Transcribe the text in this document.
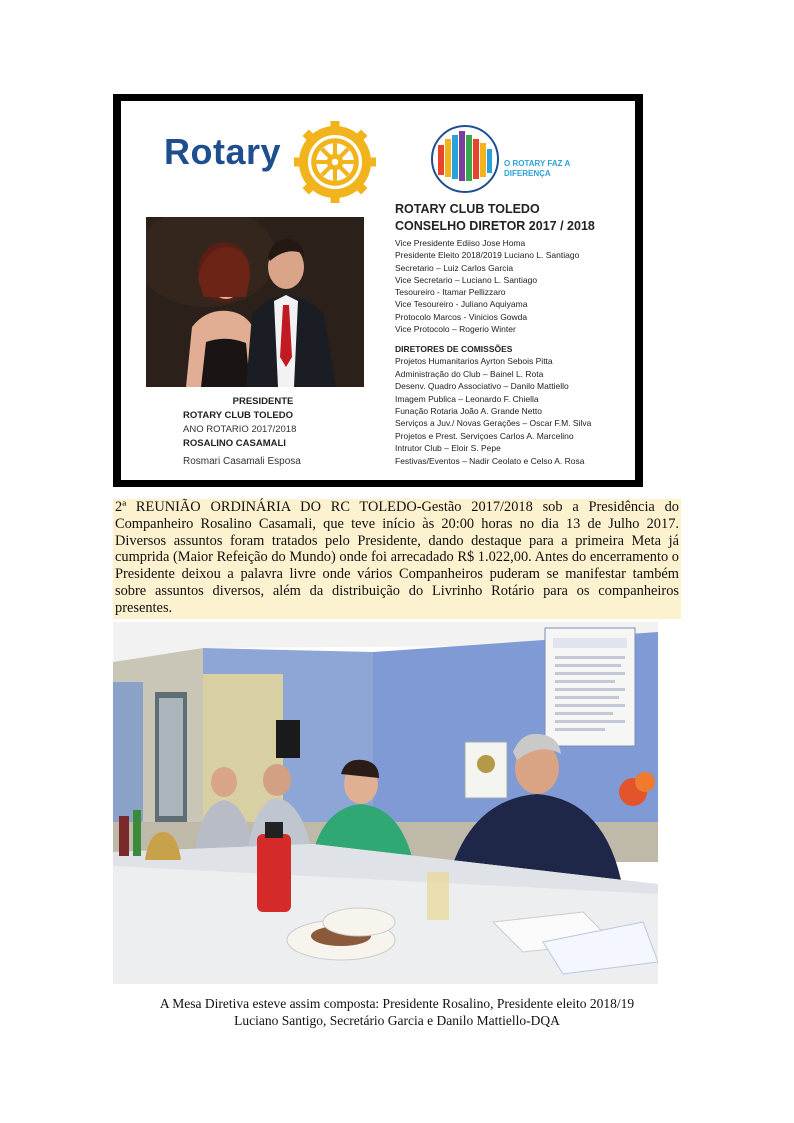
Rotary	O ROTARY FAZ A DIFERENÇA
PRESIDENTE
ROTARY CLUB TOLEDO
ANO ROTARIO 2017/2018
ROSALINO CASAMALI
Rosmari Casamali Esposa
ROTARY CLUB TOLEDO
CONSELHO DIRETOR 2017 / 2018
Vice Presidente Ediiso Jose Homa
Presidente Eleito 2018/2019 Luciano L. Santiago
Secretario – Luiz Carlos Garcia
Vice Secretario – Luciano L. Santiago
Tesoureiro - Itamar Pellizzaro
Vice Tesoureiro - Juliano Aquiyama
Protocolo Marcos - Vinicios Gowda
Vice Protocolo – Rogerio Winter
DIRETORES DE COMISSÕES
Projetos Humanitarios Ayrton Sebois Pitta
Administração do Club – Bainel L. Rota
Desenv. Quadro Associativo – Danilo Mattiello
Imagem Publica – Leonardo F. Chiella
Funação Rotaria João A. Grande Netto
Serviços a Juv./ Novas Gerações – Oscar F.M. Silva
Projetos e Prest. Serviçoes Carlos A. Marcelino
Intrutor Club – Eloir S. Pepe
Festivas/Eventos – Nadir Ceolato e Celso A. Rosa
2ª REUNIÃO ORDINÁRIA DO RC TOLEDO-Gestão 2017/2018 sob a Presidência do Companheiro Rosalino Casamali, que teve início às 20:00 horas no dia 13 de Julho 2017. Diversos assuntos foram tratados pelo Presidente, dando destaque para a primeira Meta já cumprida (Maior Refeição do Mundo) onde foi arrecadado R$ 1.022,00. Antes do encerramento o Presidente deixou a palavra livre onde vários Companheiros puderam se manifestar também sobre assuntos diversos, além da distribuição do Livrinho Rotário para os companheiros presentes.
A Mesa Diretiva esteve assim composta: Presidente Rosalino, Presidente eleito 2018/19
Luciano Santigo, Secretário Garcia e Danilo Mattiello-DQA
